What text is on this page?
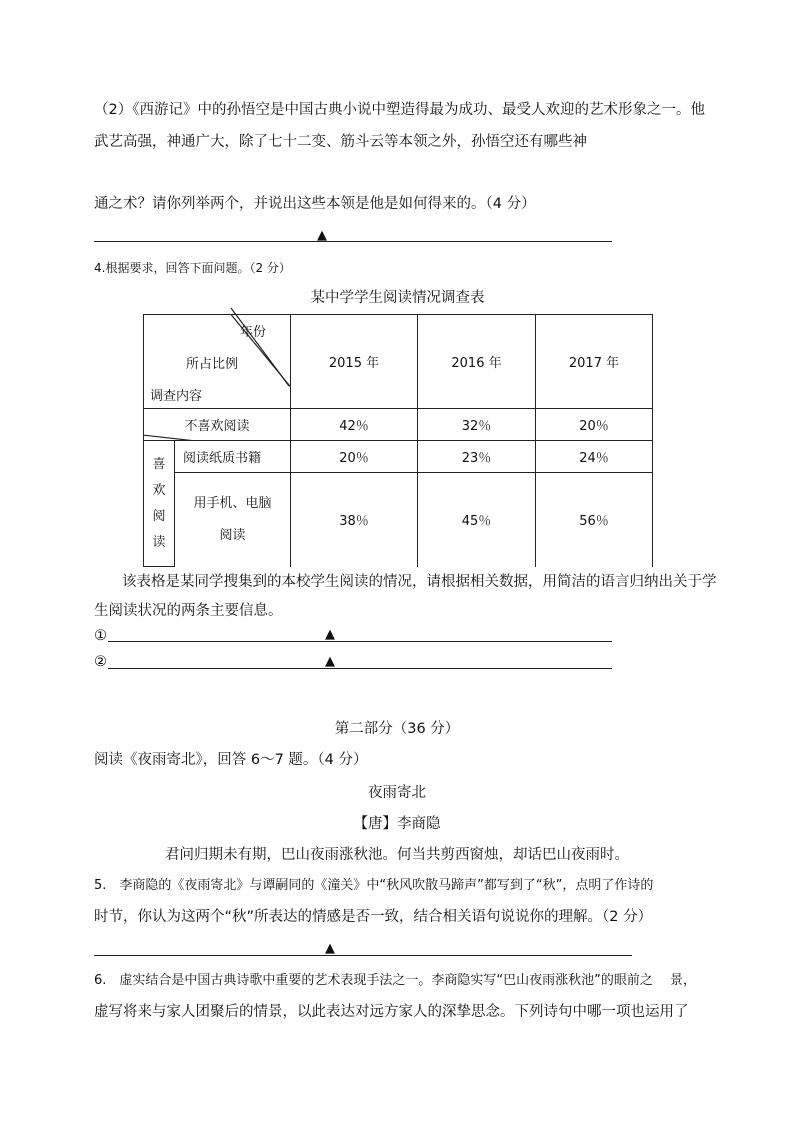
（2）《西游记》中的孙悟空是中国古典小说中塑造得最为成功、最受人欢迎的艺术形象之一。他
武艺高强，神通广大，除了七十二变、筋斗云等本领之外，孙悟空还有哪些神
通之术？请你列举两个，并说出这些本领是他是如何得来的。（4 分）
▲
4.根据要求，回答下面问题。（2 分）
某中学学生阅读情况调查表
年份
所占比例
调查内容		2015 年	2016 年	2017 年

不喜欢阅读		42％	32％	20％

喜
欢
阅
读	阅读纸质书籍	20％	23％	24％

	用手机、电脑
阅读	38％	45％	56％
该表格是某同学搜集到的本校学生阅读的情况，请根据相关数据，用简洁的语言归纳出关于学
生阅读状况的两条主要信息。
①	▲
②	▲
第二部分（36 分）
阅读《夜雨寄北》，回答 6～7 题。（4 分）
夜雨寄北
【唐】李商隐
君问归期未有期，巴山夜雨涨秋池。何当共剪西窗烛，却话巴山夜雨时。
5.　李商隐的《夜雨寄北》与谭嗣同的《潼关》中“秋风吹散马蹄声”都写到了“秋”，点明了作诗的
时节，你认为这两个“秋”所表达的情感是否一致，结合相关语句说说你的理解。（2 分）
▲
6.　虚实结合是中国古典诗歌中重要的艺术表现手法之一。李商隐实写“巴山夜雨涨秋池”的眼前之　 景，
虚写将来与家人团聚后的情景，以此表达对远方家人的深挚思念。下列诗句中哪一项也运用了
